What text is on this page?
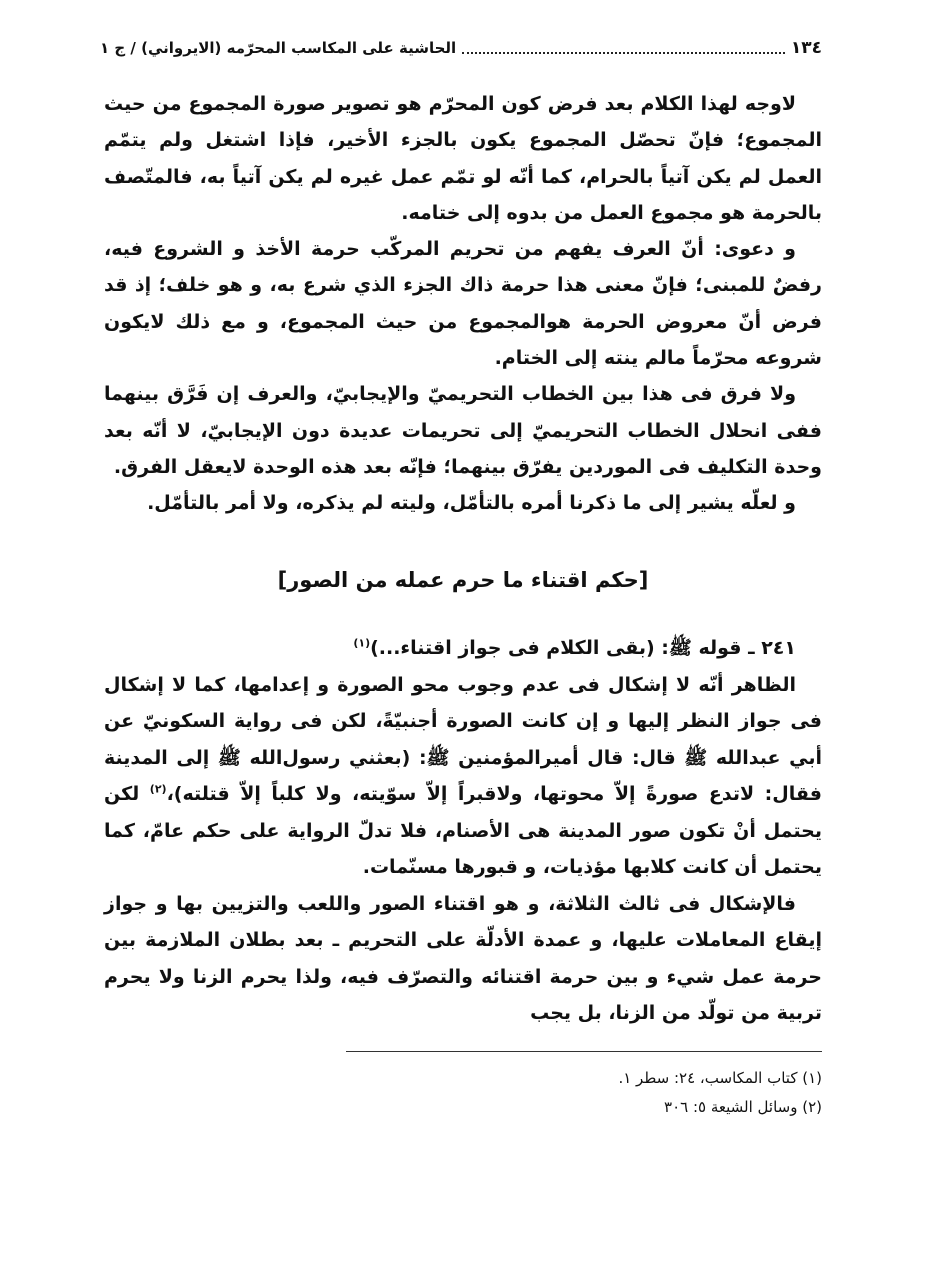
١٣٤
الحاشية على المكاسب المحرّمه (الايرواني) / ج ١

لاوجه لهذا الكلام بعد فرض كون المحرّم هو تصوير صورة المجموع من حيث المجموع؛ فإنّ تحصّل المجموع يكون بالجزء الأخير، فإذا اشتغل ولم يتمّم العمل لم يكن آتياً بالحرام، كما أنّه لو تمّم عمل غيره لم يكن آتياً به، فالمتّصف بالحرمة هو مجموع العمل من بدوه إلى ختامه.

و دعوى: أنّ العرف يفهم من تحريم المركّب حرمة الأخذ و الشروع فيه، رفضٌ للمبنى؛ فإنّ معنى هذا حرمة ذاك الجزء الذي شرع به، و هو خلف؛ إذ قد فرض أنّ معروض الحرمة هوالمجموع من حيث المجموع، و مع ذلك لايكون شروعه محرّماً مالم ينته إلى الختام.

ولا فرق فى هذا بين الخطاب التحريميّ والإيجابيّ، والعرف إن فَرَّق بينهما ففى انحلال الخطاب التحريميّ إلى تحريمات عديدة دون الإيجابيّ، لا أنّه بعد وحدة التكليف فى الموردين يفرّق بينهما؛ فإنّه بعد هذه الوحدة لايعقل الفرق.

و لعلّه يشير إلى ما ذكرنا أمره بالتأمّل، وليته لم يذكره، ولا أمر بالتأمّل.

[حكم اقتناء ما حرم عمله من الصور]

٢٤١ ـ قوله ﷺ: (بقى الكلام فى جواز اقتناء...)$^{(١)}$

الظاهر أنّه لا إشكال فى عدم وجوب محو الصورة و إعدامها، كما لا إشكال فى جواز النظر إليها و إن كانت الصورة أجنبيّةً، لكن فى رواية السكونيّ عن أبي عبدالله ﷺ قال: قال أميرالمؤمنين ﷺ: (بعثني رسول‌الله ﷺ إلى المدينة فقال: لاتدع صورةً إلاّ محوتها، ولاقبراً إلاّ سوّيته، ولا كلباً إلاّ قتلته)،$^{(٢)}$ لكن يحتمل أنْ تكون صور المدينة هى الأصنام، فلا تدلّ الرواية على حكم عامّ، كما يحتمل أن كانت كلابها مؤذيات، و قبورها مسنّمات.

فالإشكال فى ثالث الثلاثة، و هو اقتناء الصور واللعب والتزيين بها و جواز إيقاع المعاملات عليها، و عمدة الأدلّة على التحريم ـ بعد بطلان الملازمة بين حرمة عمل شيء و بين حرمة اقتنائه والتصرّف فيه، ولذا يحرم الزنا ولا يحرم تربية من تولّد من الزنا، بل يجب

(١) كتاب المكاسب، ٢٤: سطر ١.

(٢) وسائل الشيعة ٥: ٣٠٦
